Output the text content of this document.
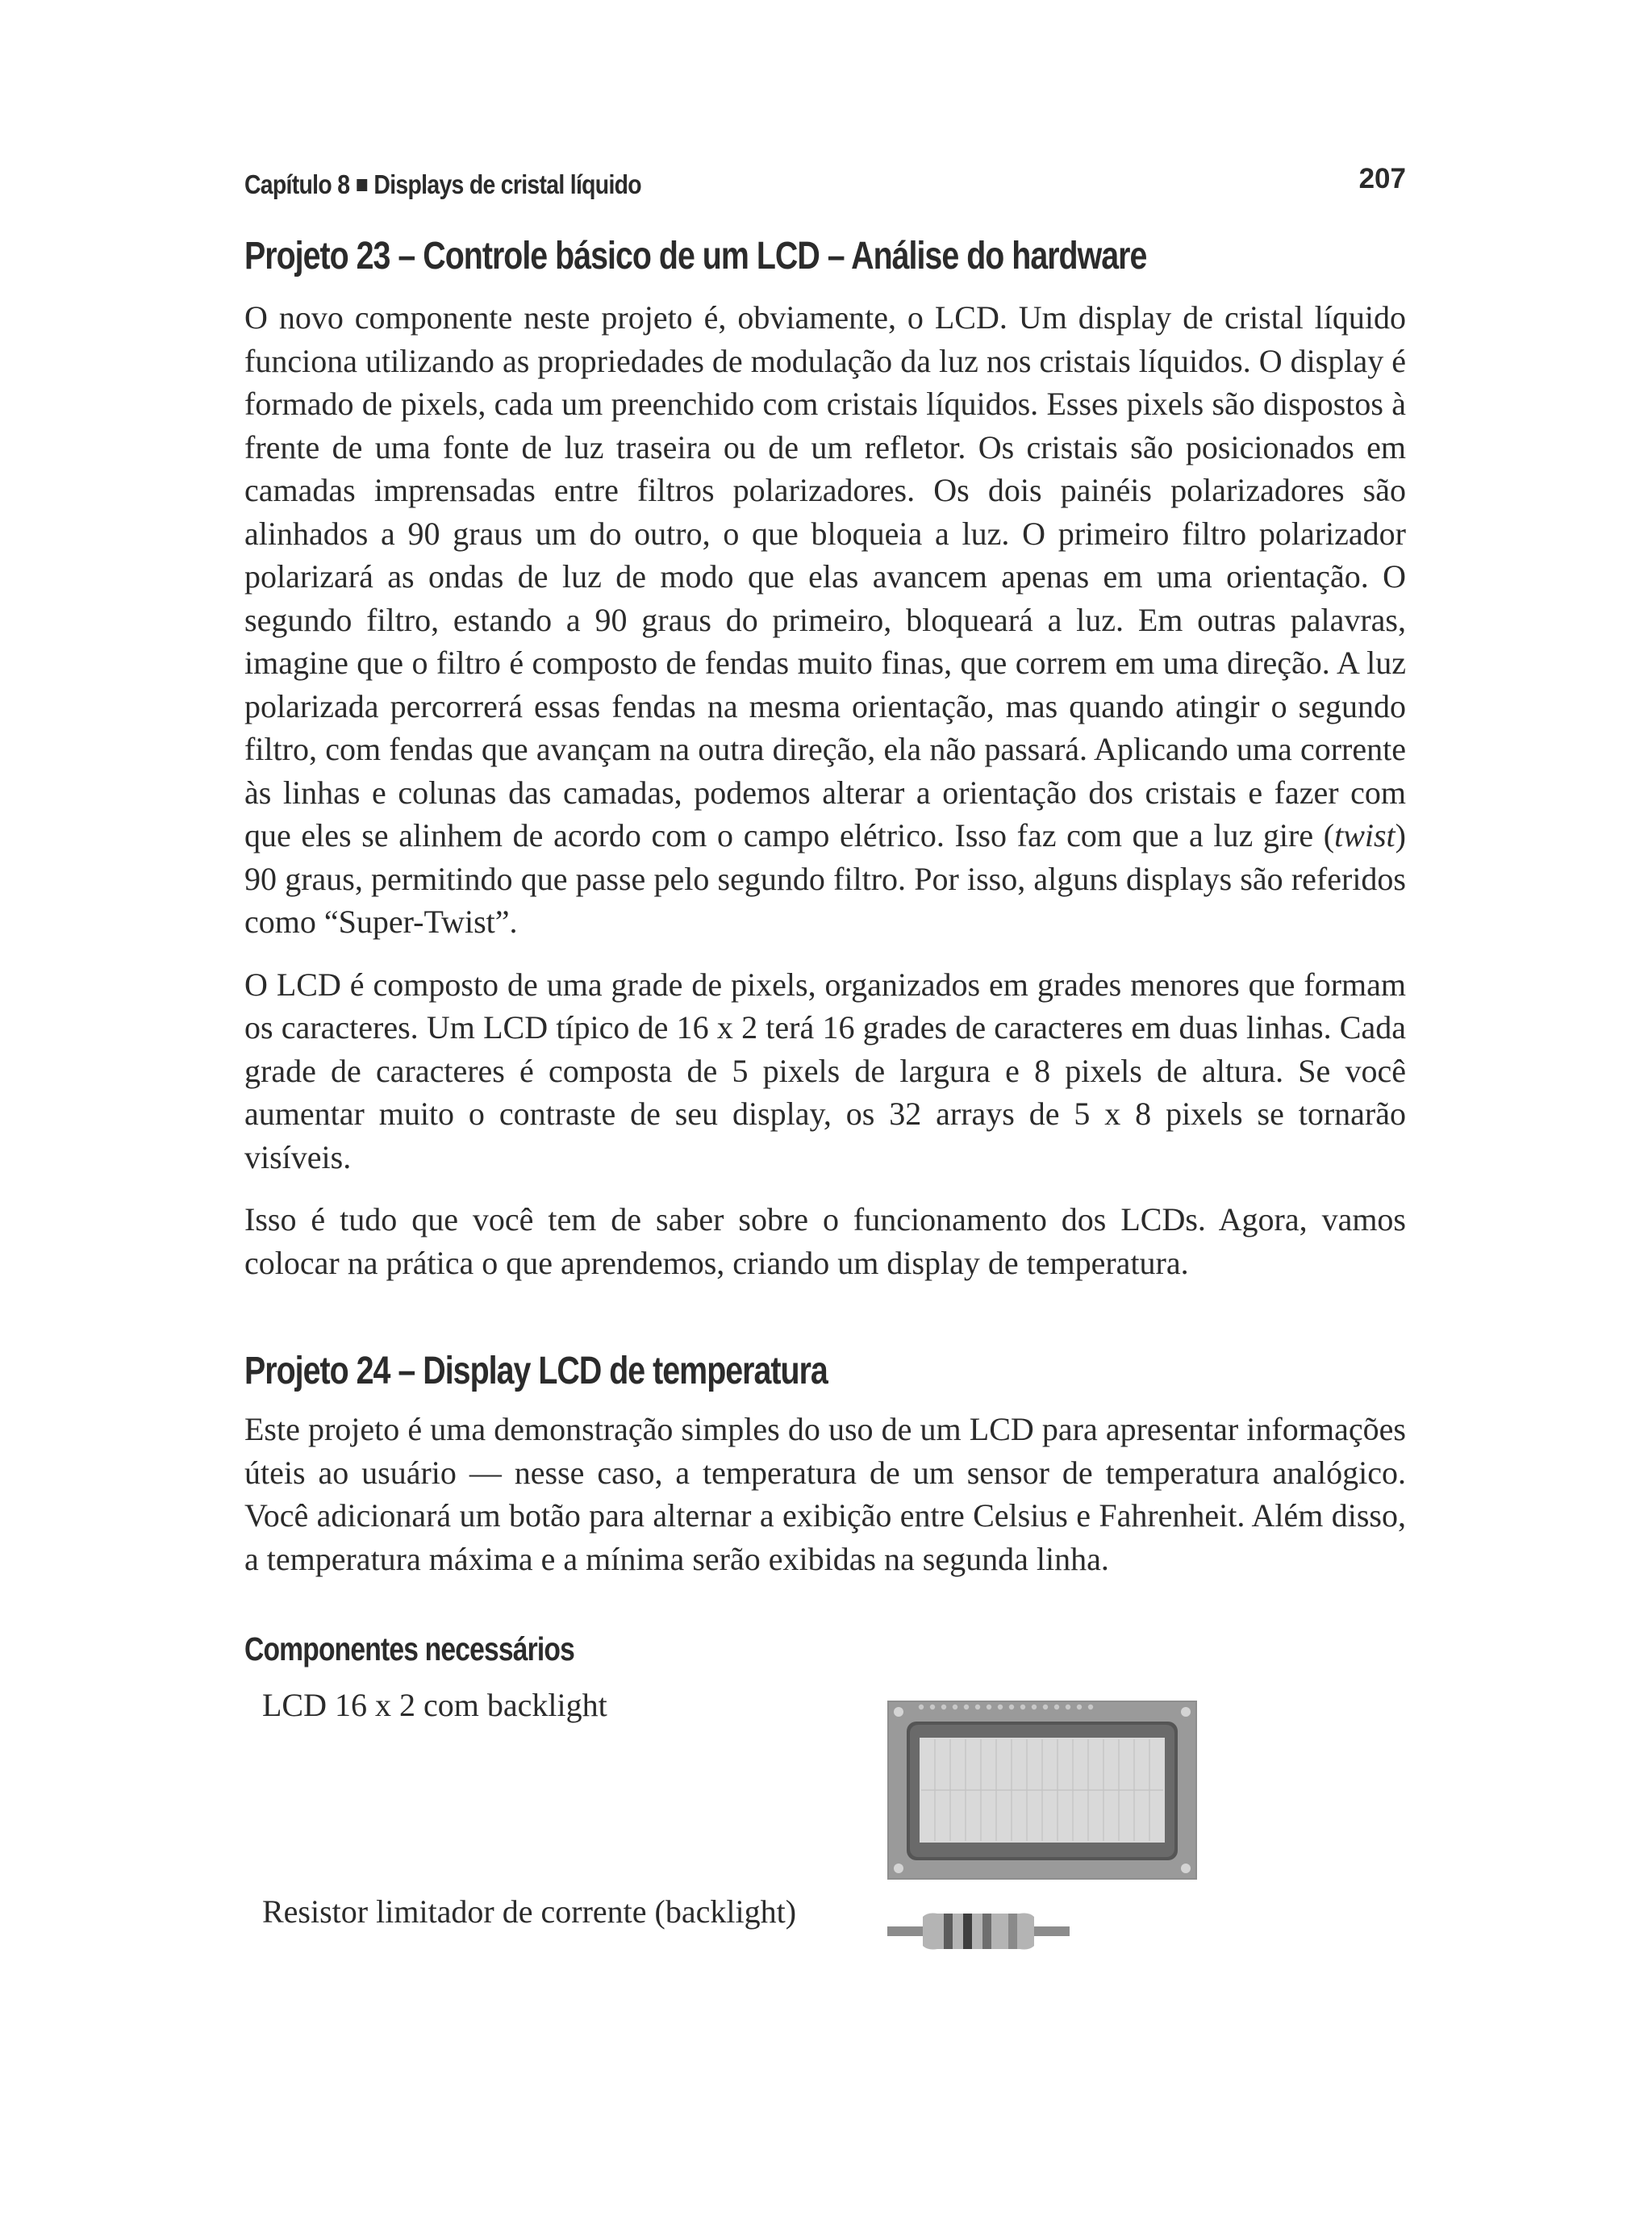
Capítulo 8 Displays de cristal líquido	207
Projeto 23 – Controle básico de um LCD – Análise do hardware

O novo componente neste projeto é, obviamente, o LCD. Um display de cristal líquido funciona utilizando as propriedades de modulação da luz nos cristais líquidos. O display é formado de pixels, cada um preenchido com cristais líquidos. Esses pixels são dispostos à frente de uma fonte de luz traseira ou de um refletor. Os cristais são posicionados em camadas imprensadas entre filtros polarizadores. Os dois painéis polarizadores são alinhados a 90 graus um do outro, o que bloqueia a luz. O primeiro filtro polarizador polarizará as ondas de luz de modo que elas avancem apenas em uma orientação. O segundo filtro, estando a 90 graus do primeiro, bloqueará a luz. Em outras palavras, imagine que o filtro é composto de fendas muito finas, que correm em uma direção. A luz polarizada percorrerá essas fendas na mesma orientação, mas quando atingir o segundo filtro, com fendas que avançam na outra direção, ela não passará. Aplicando uma corrente às linhas e colunas das camadas, podemos alterar a orientação dos cristais e fazer com que eles se alinhem de acordo com o campo elétrico. Isso faz com que a luz gire (twist) 90 graus, permitindo que passe pelo segundo filtro. Por isso, alguns displays são referidos como “Super-Twist”.

O LCD é composto de uma grade de pixels, organizados em grades menores que formam os caracteres. Um LCD típico de 16 x 2 terá 16 grades de caracteres em duas linhas. Cada grade de caracteres é composta de 5 pixels de largura e 8 pixels de altura. Se você aumentar muito o contraste de seu display, os 32 arrays de 5 x 8 pixels se tornarão visíveis.

Isso é tudo que você tem de saber sobre o funcionamento dos LCDs. Agora, vamos colocar na prática o que aprendemos, criando um display de temperatura.

Projeto 24 – Display LCD de temperatura

Este projeto é uma demonstração simples do uso de um LCD para apresentar informações úteis ao usuário — nesse caso, a temperatura de um sensor de temperatura analógico. Você adicionará um botão para alternar a exibição entre Celsius e Fahrenheit. Além disso, a temperatura máxima e a mínima serão exibidas na segunda linha.

Componentes necessários
LCD 16 x 2 com backlight
Resistor limitador de corrente (backlight)
